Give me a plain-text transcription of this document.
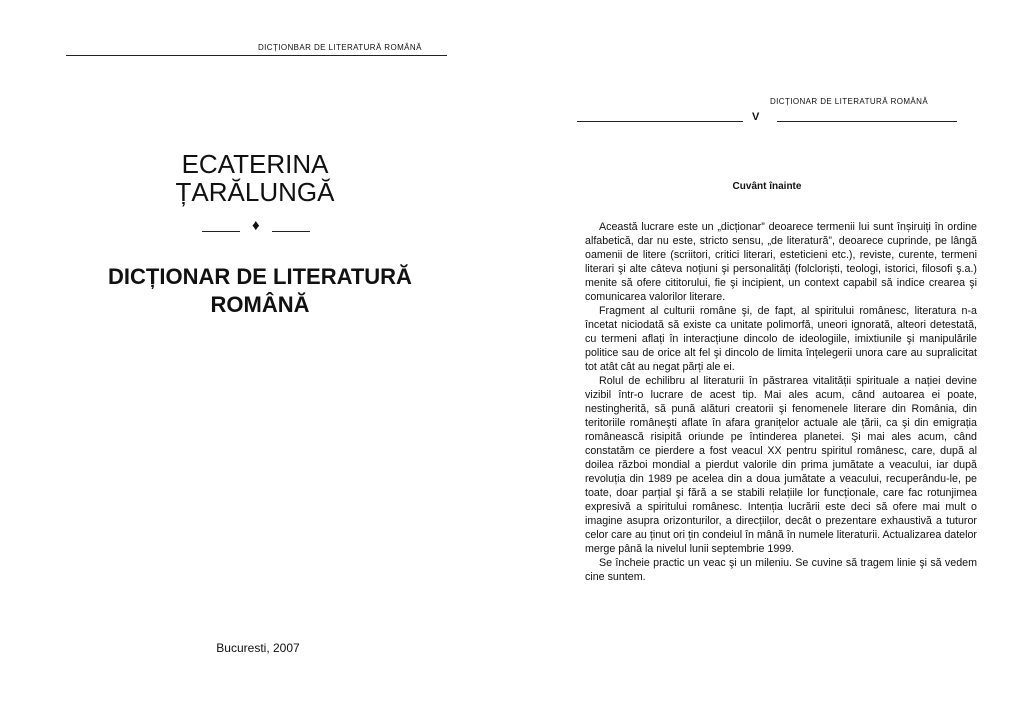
DICȚIONBAR DE LITERATURĂ ROMÂNĂ
ECATERINA
ȚARĂLUNGĂ
♦
DICȚIONAR DE LITERATURĂ
ROMÂNĂ
Bucuresti, 2007
DICȚIONAR DE LITERATURĂ ROMÂNĂ
V
Cuvânt înainte

Această lucrare este un „dicționar” deoarece termenii lui sunt înșiruiți în ordine alfabetică, dar nu este, stricto sensu, „de literatură”, deoarece cuprinde, pe lângă oamenii de litere (scriitori, critici literari, esteticieni etc.), reviste, curente, termeni literari şi alte câteva noțiuni şi personalități (folcloriști, teologi, istorici, filosofi ş.a.) menite să ofere cititorului, fie şi incipient, un context capabil să indice crearea şi comunicarea valorilor literare.

Fragment al culturii române şi, de fapt, al spiritului românesc, literatura n-a încetat niciodată să existe ca unitate polimorfă, uneori ignorată, alteori detestată, cu termeni aflați în interacțiune dincolo de ideologiile, imixtiunile şi manipulările politice sau de orice alt fel şi dincolo de limita înțelegerii unora care au supralicitat tot atât cât au negat părți ale ei.

Rolul de echilibru al literaturii în păstrarea vitalității spirituale a nației devine vizibil într-o lucrare de acest tip. Mai ales acum, când autoarea ei poate, nestingherită, să pună alături creatorii şi fenomenele literare din România, din teritoriile româneşti aflate în afara granițelor actuale ale țării, ca şi din emigrația românească risipită oriunde pe întinderea planetei. Şi mai ales acum, când constatăm ce pierdere a fost veacul XX pentru spiritul românesc, care, după al doilea război mondial a pierdut valorile din prima jumătate a veacului, iar după revoluția din 1989 pe acelea din a doua jumătate a veacului, recuperându-le, pe toate, doar parțial şi fără a se stabili relațiile lor funcționale, care fac rotunjimea expresivă a spiritului românesc. Intenția lucrării este deci să ofere mai mult o imagine asupra orizonturilor, a direcțiilor, decât o prezentare exhaustivă a tuturor celor care au ținut ori țin condeiul în mână în numele literaturii. Actualizarea datelor merge până la nivelul lunii septembrie 1999.

Se încheie practic un veac şi un mileniu. Se cuvine să tragem linie şi să vedem cine suntem.
